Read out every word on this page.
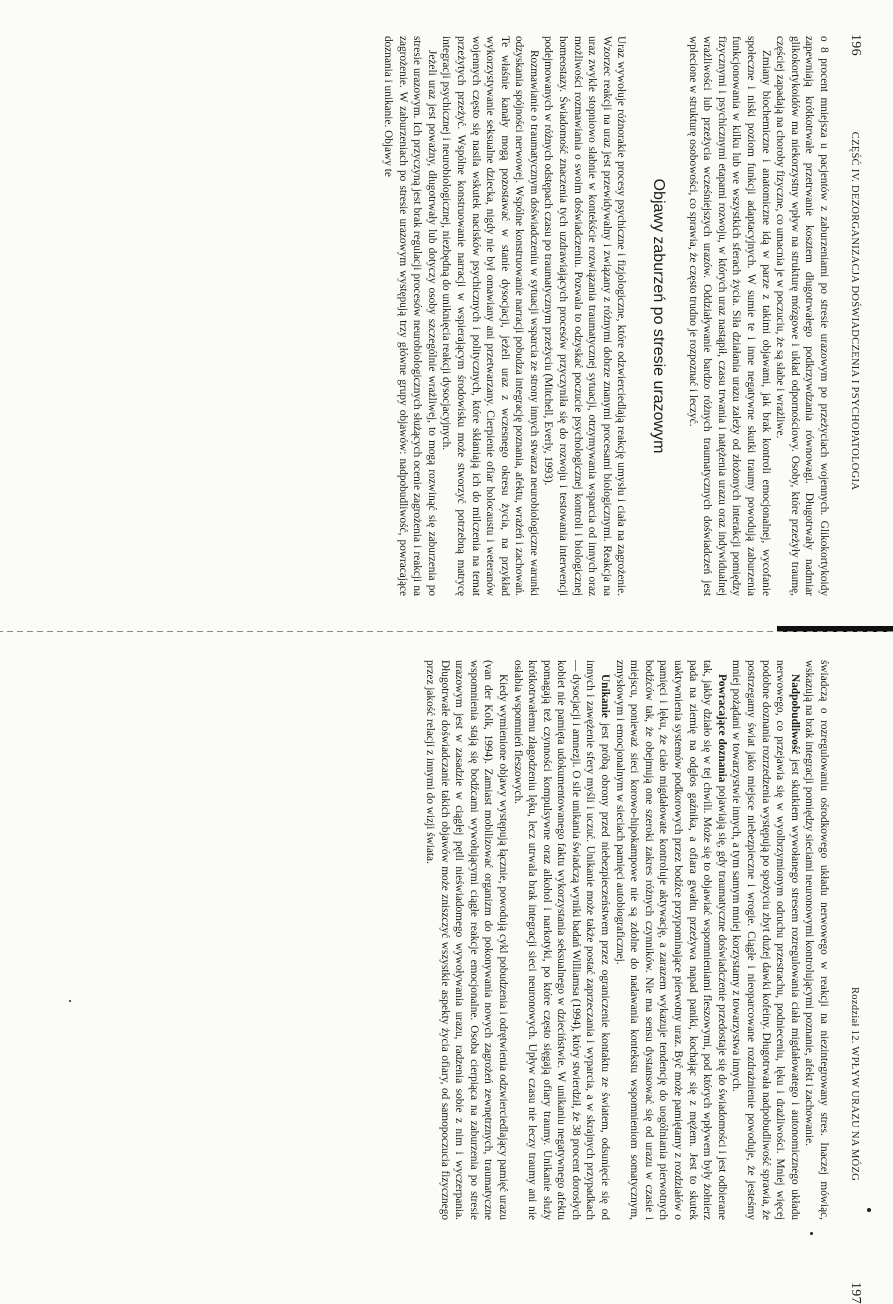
196  CZĘŚĆ IV. DEZORGANIZACJA DOŚWIADCZENIA I PSYCHOPATOLOGIA

o 8 procent mniejsza u pacjentów z zaburzeniami po stresie urazowym po przeżyciach wojennych. Glikokortykoidy zapewniają krótkotrwałe przetrwanie kosztem długotrwałego podkrzywdzania równowagi. Długotrwały nadmiar glikokortykoidów ma niekorzystny wpływ na strukturę mózgowe i układ odpornościowy. Osoby, które przeżyły traumę, częściej zapadają na choroby fizyczne, co umacnia je w poczuciu, że są słabe i wrażliwe.

Zmiany biochemiczne i anatomiczne idą w parze z takimi objawami, jak brak kontroli emocjonalnej, wycofanie społeczne i niski poziom funkcji adaptacyjnych. W sumie te i inne negatywne skutki traumy powodują zaburzenia funkcjonowania w kilku lub we wszystkich sferach życia. Siła działania urazu zależy od złożonych interakcji pomiędzy fizycznymi i psychicznymi etapami rozwoju, w których uraz nastąpił, czasu trwania i natężenia urazu oraz indywidualnej wrażliwości lub przeżycia wcześniejszych urazów. Oddziaływanie bardzo różnych traumatycznych doświadczeń jest wplecione w strukturę osobowości, co sprawia, że często trudno je rozpoznać i leczyć.

Objawy zaburzeń po stresie urazowym

Uraz wywołuje różnorakie procesy psychiczne i fizjologiczne, które odzwierciedlają reakcję umysłu i ciała na zagrożenie. Wzorzec reakcji na uraz jest przewidywalny i związany z różnymi dobrze znanymi procesami biologicznymi. Reakcja na uraz zwykle stopniowo słabnie w kontekście rozwiązania traumatycznej sytuacji, otrzymywania wsparcia od innych oraz możliwości rozmawiania o swoim doświadczeniu. Pozwala to odzyskać poczucie psychologicznej kontroli i biologicznej homeostazy. Świadomość znaczenia tych uzdrawiających procesów przyczyniła się do rozwoju i testowania interwencji podejmowanych w różnych odstępach czasu po traumatycznym przeżyciu (Mitchell, Everly, 1993).

Rozmawianie o traumatycznym doświadczeniu w sytuacji wsparcia ze strony innych stwarza neurobiologiczne warunki odzyskania spójności nerwowej. Wspólne konstruowanie narracji pobudza integrację poznania, afektu, wrażeń i zachowań. Te właśnie kanały mogą pozostawać w stanie dysocjacji, jeżeli uraz z wczesnego okresu życia, na przykład wykorzystywanie seksualne dziecka, nigdy nie był omawiany ani przetwarzany. Cierpienie ofiar holocaustu i weteranów wojennych często się nasila wskutek nacisków psychicznych i politycznych, które skłaniają ich do milczenia na temat przeżytych przeżyć. Wspólne konstruowanie narracji w wspierającym środowisku może stworzyć potrzebną matrycę integracji psychicznej i neurobiologicznej, niezbędną do uniknięcia reakcji dysocjacyjnych.

Jeżeli uraz jest poważny, długotrwały lub dotyczy osoby szczególnie wrażliwej, to mogą rozwinąć się zaburzenia po stresie urazowym. Ich przyczyną jest brak regulacji procesów neurobiologicznych służących ocenie zagrożenia i reakcji na zagrożenie. W zaburzeniach po stresie urazowym występują trzy główne grupy objawów: nadpobudliwość, powracające doznania i unikanie. Objawy te

Rozdział 12. WPŁYW URAZU NA MÓZG  197

świadczą o rozregulowaniu ośrodkowego układu nerwowego w reakcji na niezintegrowany stres. Inaczej mówiąc, wskazują na brak integracji pomiędzy sieciami neuronowymi kontrolującymi poznanie, afekt i zachowanie.

Nadpobudliwość jest skutkiem wywołanego stresem rozregulowania ciała migdałowatego i autonomicznego układu nerwowego, co przejawia się w wyolbrzymionym odruchu przestrachu, podnieceniu, lęku i drażliwości. Mniej więcej podobne doznania rozrzedzenia występują po spożyciu zbyt dużej dawki kofeiny. Długotrwała nadpobudliwość sprawia, że postrzegamy świat jako miejsce niebezpieczne i wrogie. Ciągłe i nieoparcowane rozdrażnienie powoduje, że jesteśmy mniej pożądani w towarzystwie innych, a tym samym mniej korzystamy z towarzystwa innych.

Powracające doznania pojawiają się, gdy traumatyczne doświadczenie przedostaje się do świadomości i jest odbierane tak, jakby działo się w tej chwili. Może się to objawiać wspomnieniami fleszowymi, pod których wpływem były żołnierz pada na ziemię na odgłos gaźnika, a ofiara gwałtu przeżywa napad paniki, kochając się z mężem. Jest to skutek uaktywnienia systemów podkorowych przez bodźce przypominające pierwotny uraz. Być może pamiętamy z rozdziałów o pamięci i lęku, że ciało migdałowate kontroluje aktywację, a zarazem wykazuje tendencję do uogólniania pierwotnych bodźców tak, że obejmują one szeroki zakres różnych czynników. Nie ma sensu dystansować się od urazu w czasie i miejscu, ponieważ sieci korowo-hipokampowe nie są zdolne do nadawania kontekstu wspomnieniom somatycznym, zmysłowym i emocjonalnym w sieciach pamięci autobiograficznej.

Unikanie jest próbą obrony przed niebezpieczeństwem przez ograniczenie kontaktu ze światem, odsunięcie się od innych i zawężenie sfery myśli i uczuć. Unikanie może także postać zaprzeczania i wyparcia, a w skrajnych przypadkach — dysocjacji i amnezji. O sile unikania świadczą wyniki badań Williamsa (1994), który stwierdził, że 38 procent dorosłych kobiet nie pamięta udokumentowanego faktu wykorzystania seksualnego w dzieciństwie. W unikaniu negatywnego afektu pomagają też czynności kompulsywne oraz alkohol i narkotyki, po które często sięgają ofiary traumy. Unikanie służy krótkotrwałemu złagodzeniu lęku, lecz utrwala brak integracji sieci neuronowych. Upływ czasu nie leczy traumy ani nie osłabia wspomnień fleszowych.

Kiedy wymienione objawy występują łącznie, powodują cykl pobudzenia i odrętwienia odzwierciedlający pamięć urazu (van der Kolk, 1994). Zamiast mobilizować organizm do pokonywania nowych zagrożeń zewnętrznych, traumatyczne wspomnienia stają się bodźcami wywołującymi ciągłe reakcje emocjonalne. Osoba cierpiąca na zaburzenia po stresie urazowym jest w zasadzie w ciągłej pętli nieświadomego wywoływania urazu, radzenia sobie z nim i wyczerpania. Długotrwałe doświadczanie takich objawów może zniszczyć wszystkie aspekty życia ofiary, od samopoczucia fizycznego przez jakość relacji z innymi do wizji świata.
